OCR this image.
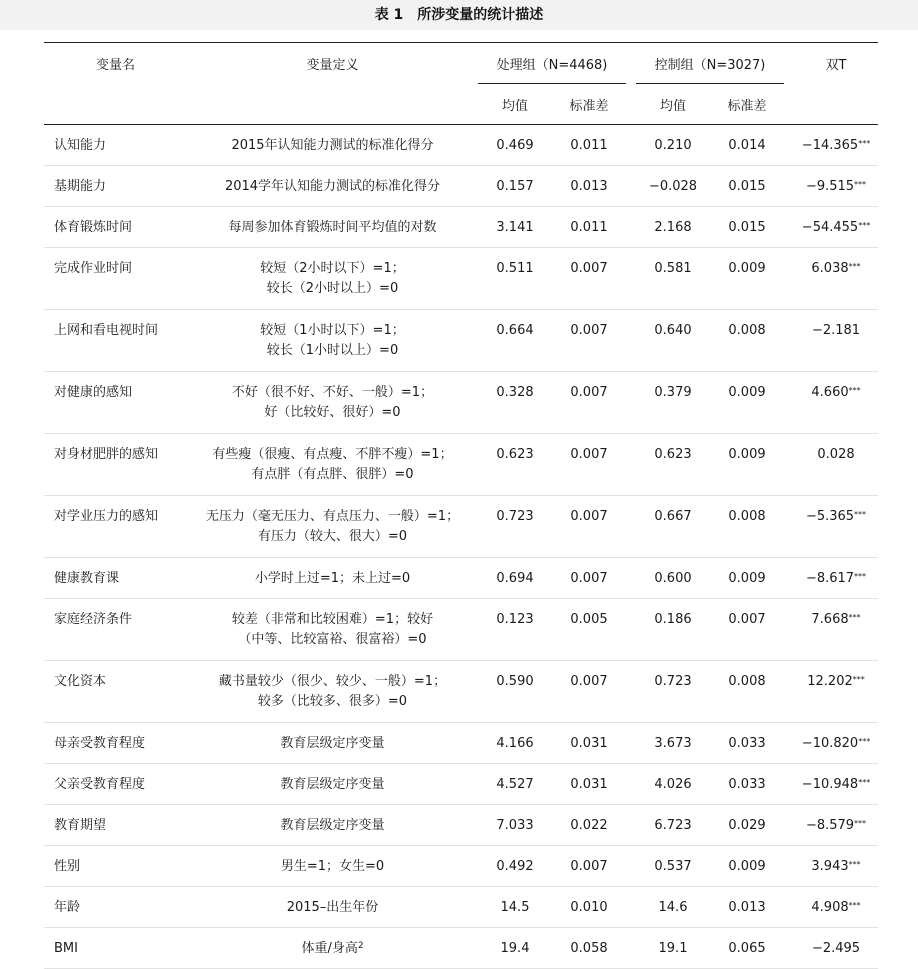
表 1　所涉变量的统计描述
变量名	变量定义	处理组（N=4468)			控制组（N=3027)			双T
		均值	标准差		均值	标准差		
认知能力	2015年认知能力测试的标准化得分	0.469	0.011		0.210	0.014		−14.365***
基期能力	2014学年认知能力测试的标准化得分	0.157	0.013		−0.028	0.015		−9.515***
体育锻炼时间	每周参加体育锻炼时间平均值的对数	3.141	0.011		2.168	0.015		−54.455***
完成作业时间	较短（2小时以下）=1；
较长（2小时以上）=0	0.511	0.007		0.581	0.009		6.038***
上网和看电视时间	较短（1小时以下）=1；
较长（1小时以上）=0	0.664	0.007		0.640	0.008		−2.181
对健康的感知	不好（很不好、不好、一般）=1；
好（比较好、很好）=0	0.328	0.007		0.379	0.009		4.660***
对身材肥胖的感知	有些瘦（很瘦、有点瘦、不胖不瘦）=1；
有点胖（有点胖、很胖）=0	0.623	0.007		0.623	0.009		0.028
对学业压力的感知	无压力（毫无压力、有点压力、一般）=1；
有压力（较大、很大）=0	0.723	0.007		0.667	0.008		−5.365***
健康教育课	小学时上过=1；未上过=0	0.694	0.007		0.600	0.009		−8.617***
家庭经济条件	较差（非常和比较困难）=1；较好
（中等、比较富裕、很富裕）=0	0.123	0.005		0.186	0.007		7.668***
文化资本	藏书量较少（很少、较少、一般）=1；
较多（比较多、很多）=0	0.590	0.007		0.723	0.008		12.202***
母亲受教育程度	教育层级定序变量	4.166	0.031		3.673	0.033		−10.820***
父亲受教育程度	教育层级定序变量	4.527	0.031		4.026	0.033		−10.948***
教育期望	教育层级定序变量	7.033	0.022		6.723	0.029		−8.579***
性别	男生=1；女生=0	0.492	0.007		0.537	0.009		3.943***
年龄	2015–出生年份	14.5	0.010		14.6	0.013		4.908***
BMI	体重/身高$^2$	19.4	0.058		19.1	0.065		−2.495
